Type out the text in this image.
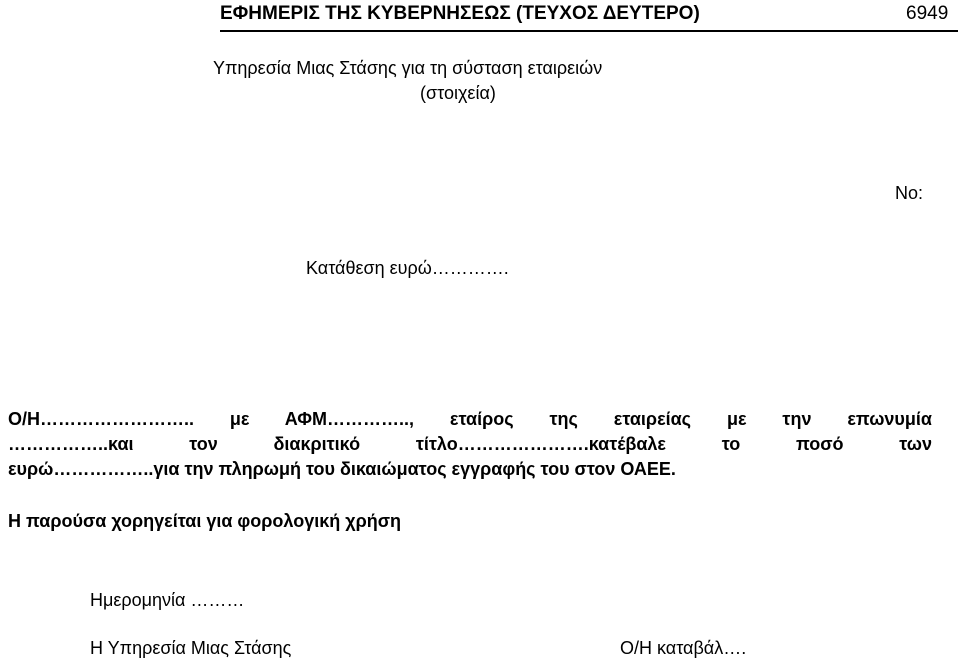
ΕΦΗΜΕΡΙΣ ΤΗΣ ΚΥΒΕΡΝΗΣΕΩΣ (ΤΕΥΧΟΣ ΔΕΥΤΕΡΟ)	6949
Υπηρεσία Μιας Στάσης για τη σύσταση εταιρειών
(στοιχεία)
Νο:
Κατάθεση ευρώ………….
Ο/Η…………………….. με ΑΦΜ………….., εταίρος της εταιρείας με την επωνυμία
……………..και τον διακριτικό τίτλο………………….κατέβαλε το ποσό των
ευρώ……………..για την πληρωμή του δικαιώματος εγγραφής του στον ΟΑΕΕ.
Η παρούσα χορηγείται για φορολογική χρήση
Ημερομηνία ………
Η Υπηρεσία Μιας Στάσης	Ο/Η καταβάλ….
